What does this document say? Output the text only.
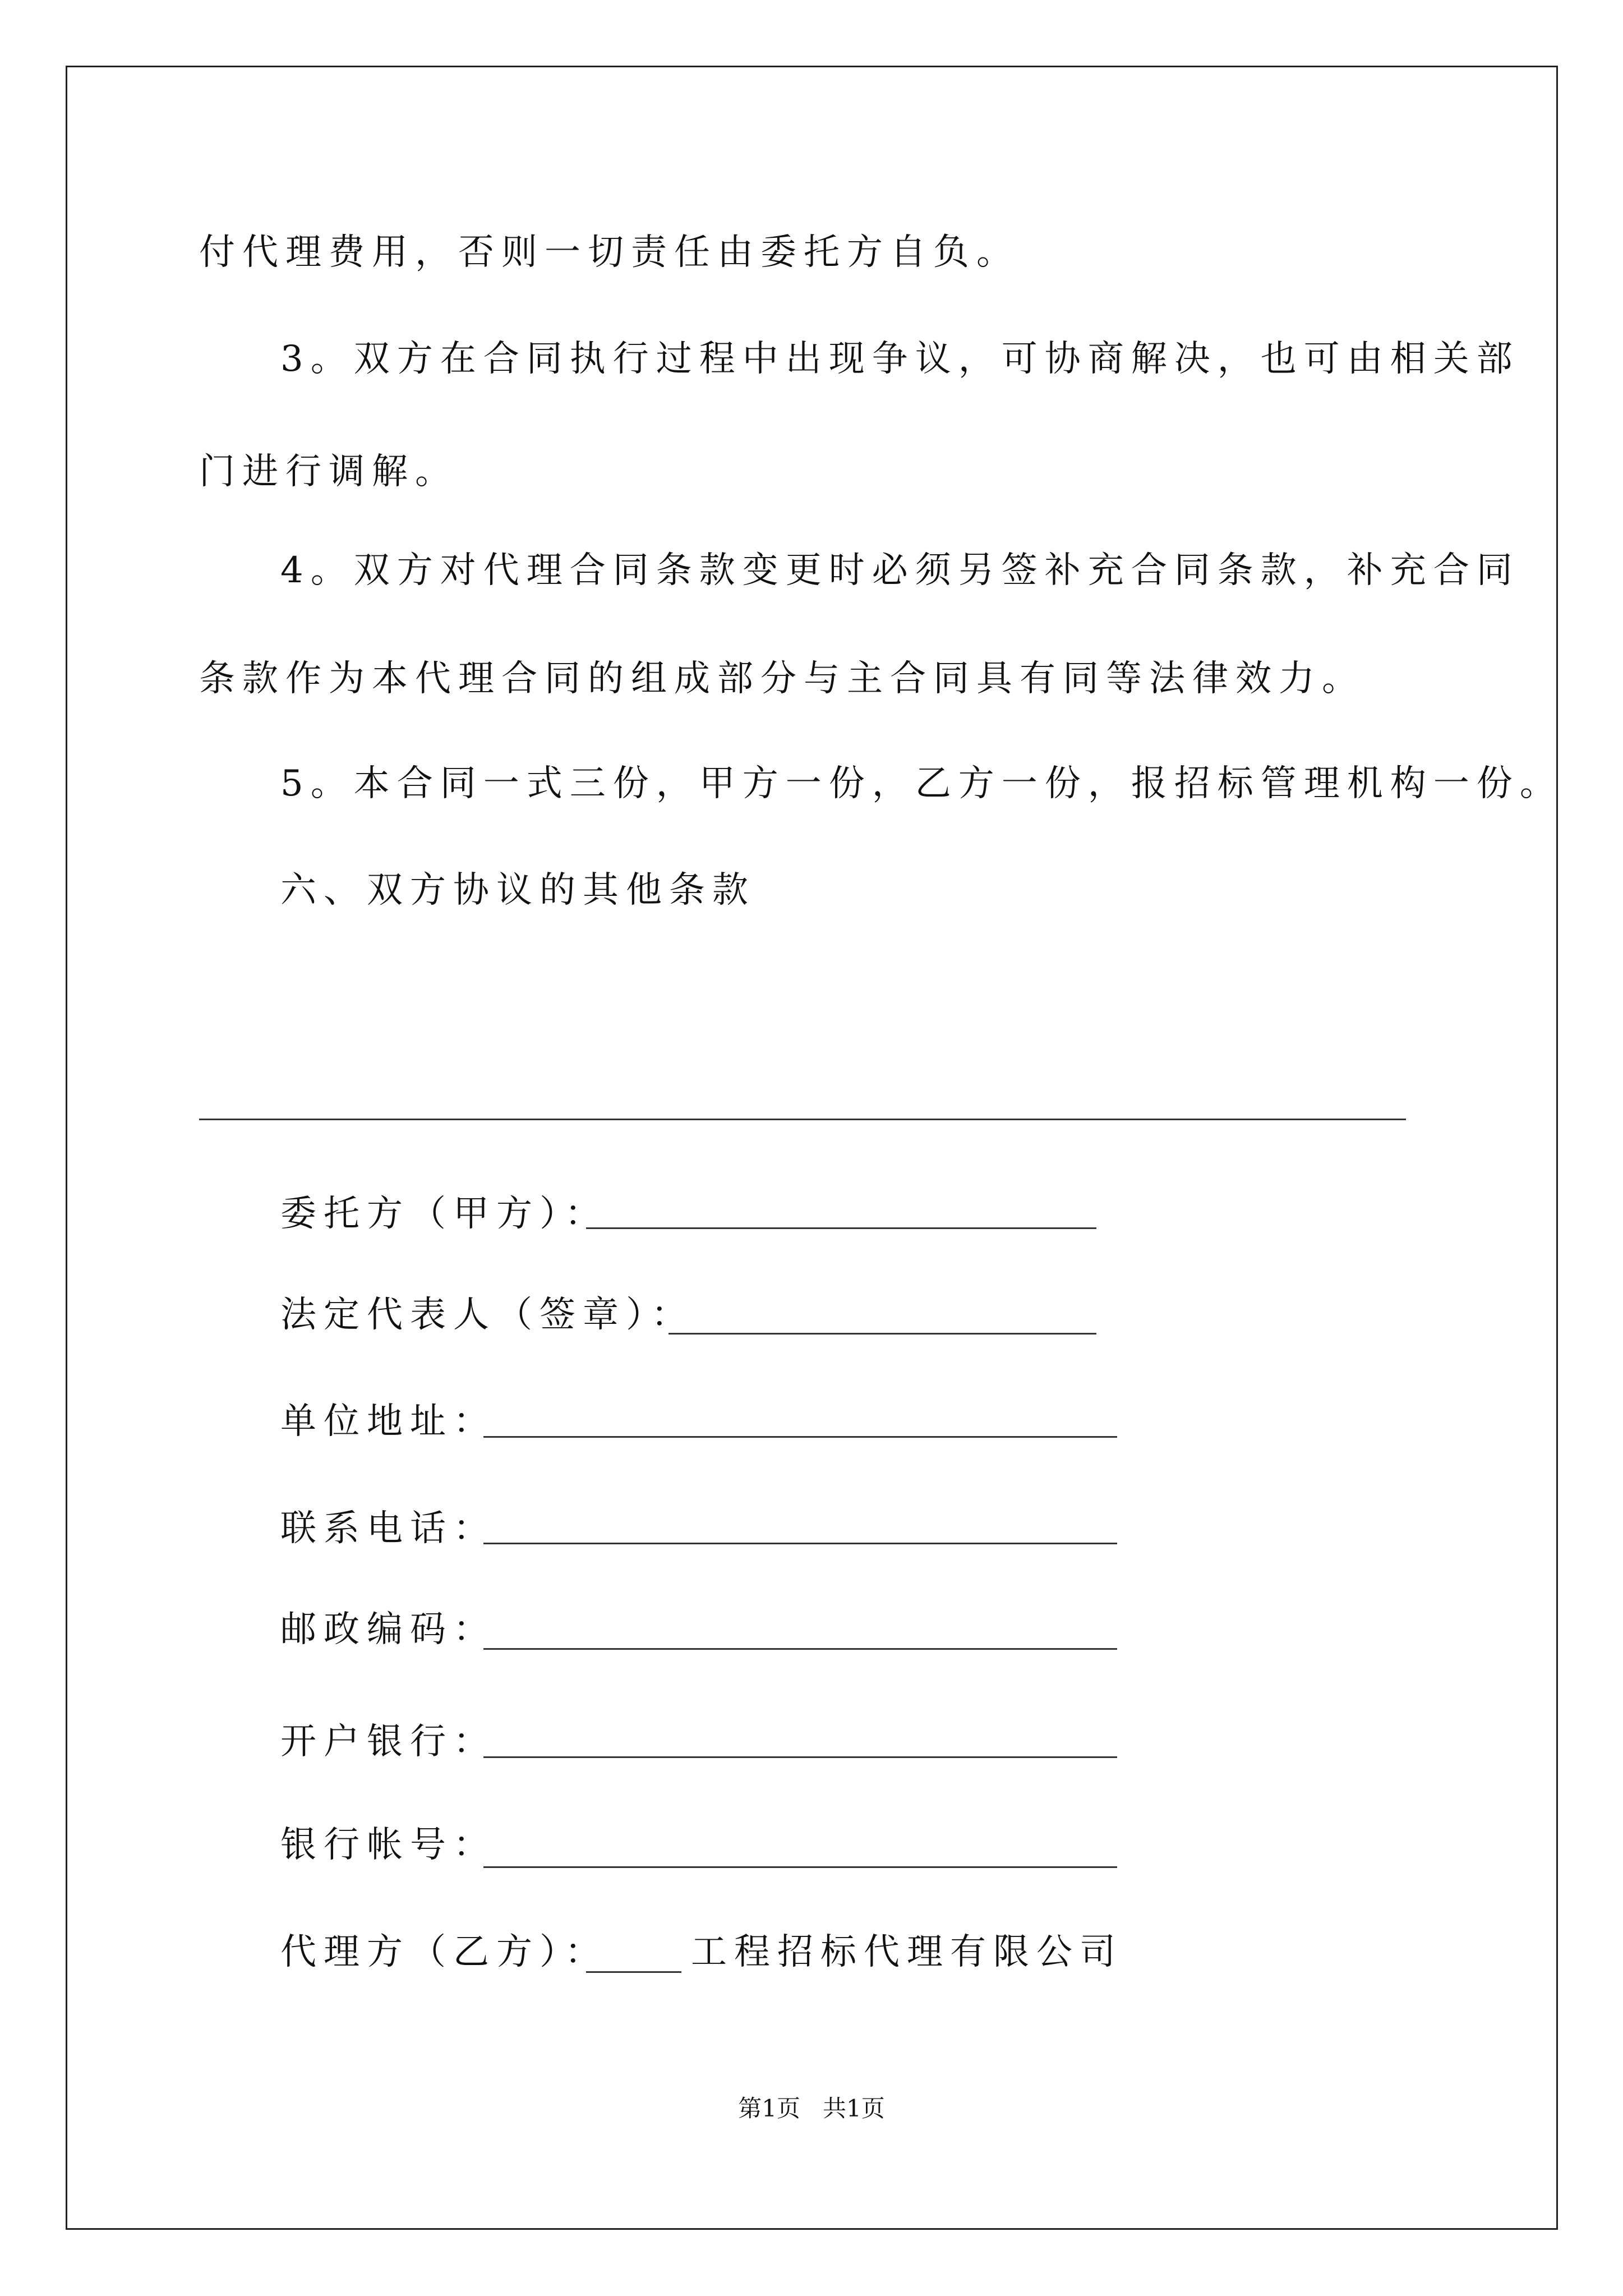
付代理费用，否则一切责任由委托方自负。
3。双方在合同执行过程中出现争议，可协商解决，也可由相关部
门进行调解。
4。双方对代理合同条款变更时必须另签补充合同条款，补充合同
条款作为本代理合同的组成部分与主合同具有同等法律效力。
5。本合同一式三份，甲方一份，乙方一份，报招标管理机构一份。
六、双方协议的其他条款
委托方（甲方）：
法定代表人（签章）：
单位地址：
联系电话：
邮政编码：
开户银行：
银行帐号：
代理方（乙方）： 工程招标代理有限公司
第1页   共1页
